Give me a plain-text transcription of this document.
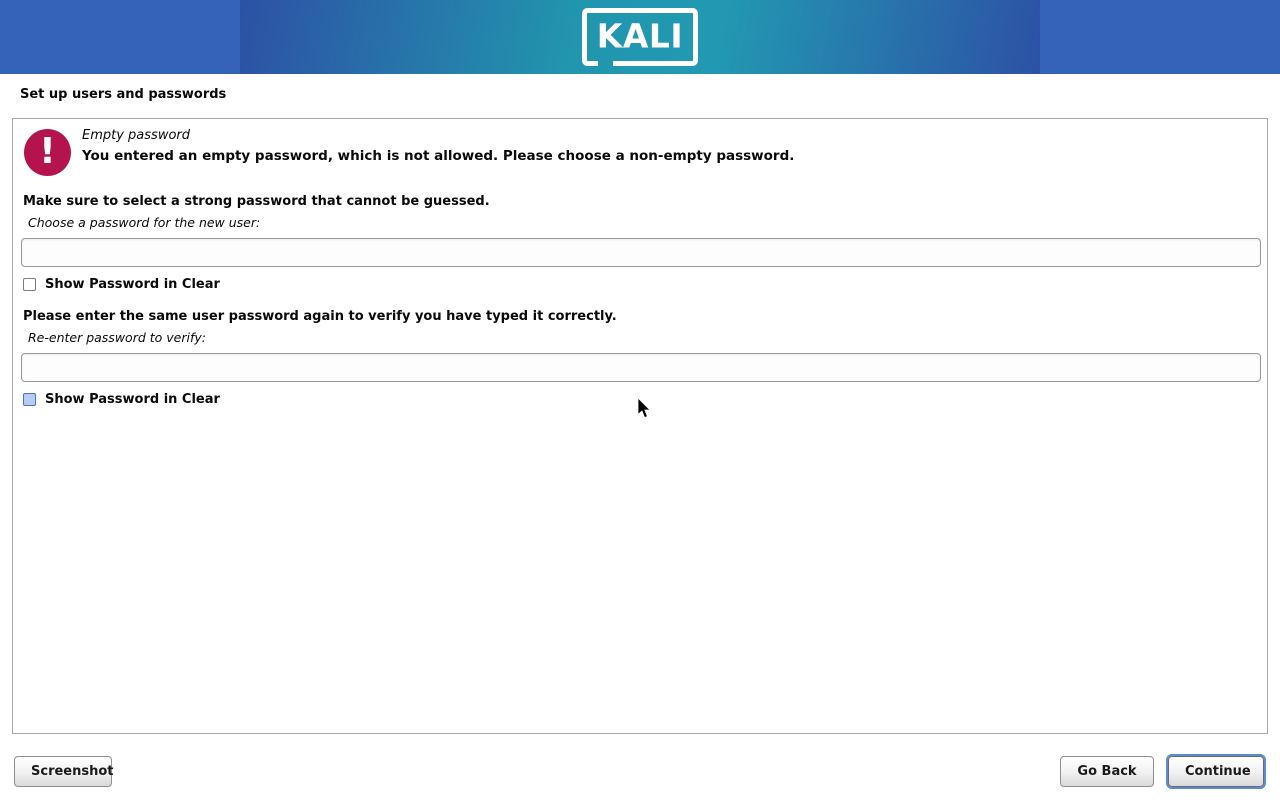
KALI
Set up users and passwords
! Empty password
You entered an empty password, which is not allowed. Please choose a non-empty password.
Make sure to select a strong password that cannot be guessed.
Choose a password for the new user:
Show Password in Clear
Please enter the same user password again to verify you have typed it correctly.
Re-enter password to verify:
Show Password in Clear
Screenshot	Go Back	Continue
